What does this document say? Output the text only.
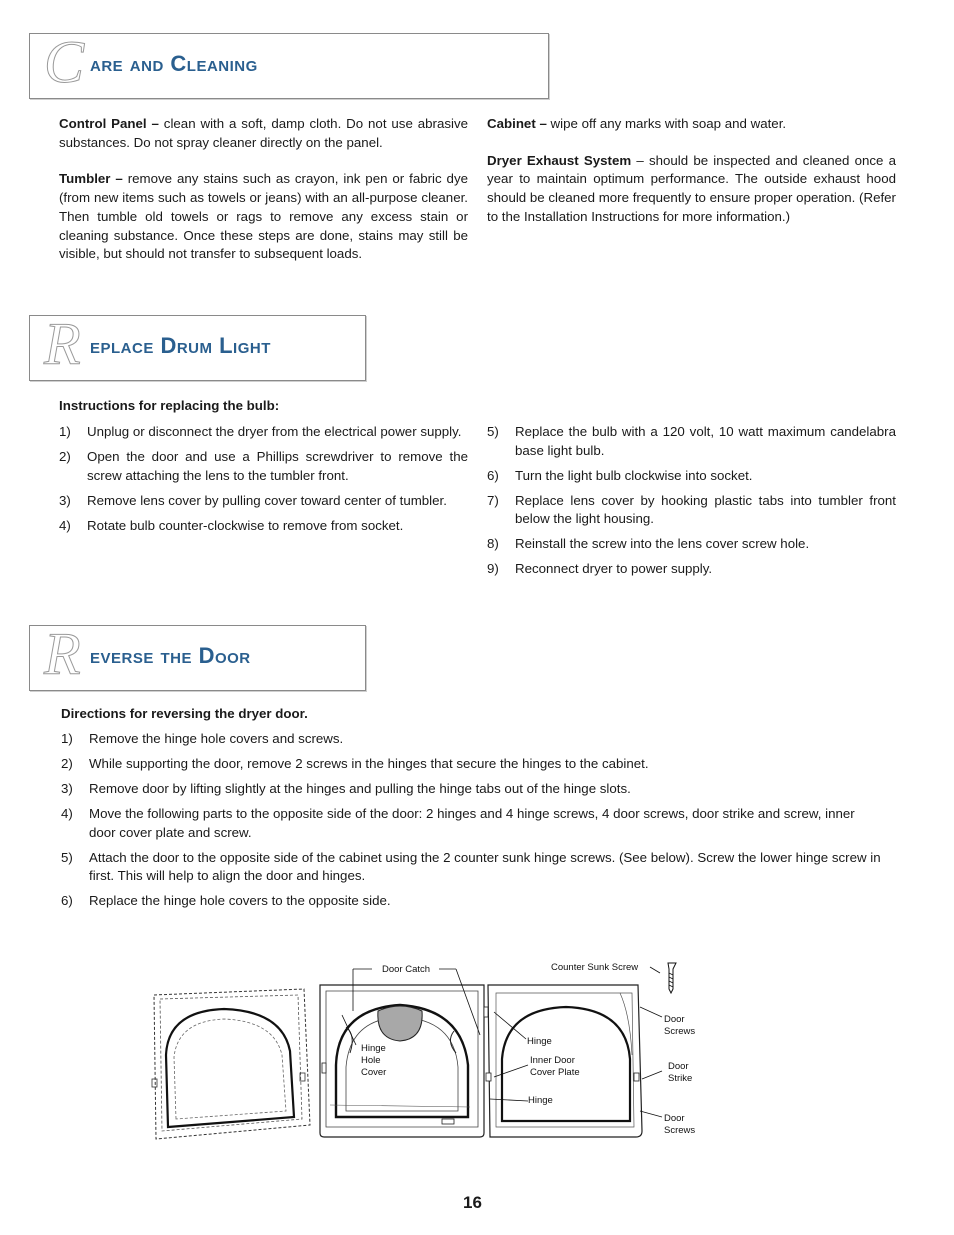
C are and Cleaning

Control Panel – clean with a soft, damp cloth. Do not use abrasive substances. Do not spray cleaner directly on the panel.

Tumbler – remove any stains such as crayon, ink pen or fabric dye (from new items such as towels or jeans) with an all-purpose cleaner. Then tumble old towels or rags to remove any excess stain or cleaning substance. Once these steps are done, stains may still be visible, but should not transfer to subsequent loads.

Cabinet – wipe off any marks with soap and water.

Dryer Exhaust System – should be inspected and cleaned once a year to maintain optimum performance. The outside exhaust hood should be cleaned more frequently to ensure proper operation. (Refer to the Installation Instructions for more information.)

R eplace Drum Light
Instructions for replacing the bulb:
1) Unplug or disconnect the dryer from the electrical power supply.
2) Open the door and use a Phillips screwdriver to remove the screw attaching the lens to the tumbler front.
3) Remove lens cover by pulling cover toward center of tumbler.
4) Rotate bulb counter-clockwise to remove from socket.
5) Replace the bulb with a 120 volt, 10 watt maximum candelabra base light bulb.
6) Turn the light bulb clockwise into socket.
7) Replace lens cover by hooking plastic tabs into tumbler front below the light housing.
8) Reinstall the screw into the lens cover screw hole.
9) Reconnect dryer to power supply.
R everse the Door
Directions for reversing the dryer door.
1) Remove the hinge hole covers and screws.
2) While supporting the door, remove 2 screws in the hinges that secure the hinges to the cabinet.
3) Remove door by lifting slightly at the hinges and pulling the hinge tabs out of the hinge slots.
4) Move the following parts to the opposite side of the door: 2 hinges and 4 hinge screws, 4 door screws, door strike and screw, inner door cover plate and screw.
5) Attach the door to the opposite side of the cabinet using the 2 counter sunk hinge screws. (See below). Screw the lower hinge screw in first. This will help to align the door and hinges.
6) Replace the hinge hole covers to the opposite side.
Door Catch	Counter Sunk Screw
Hinge
Hole
Cover
Hinge
Inner Door
Cover Plate
Hinge
Door
Screws
Door
Strike
Door
Screws
16
